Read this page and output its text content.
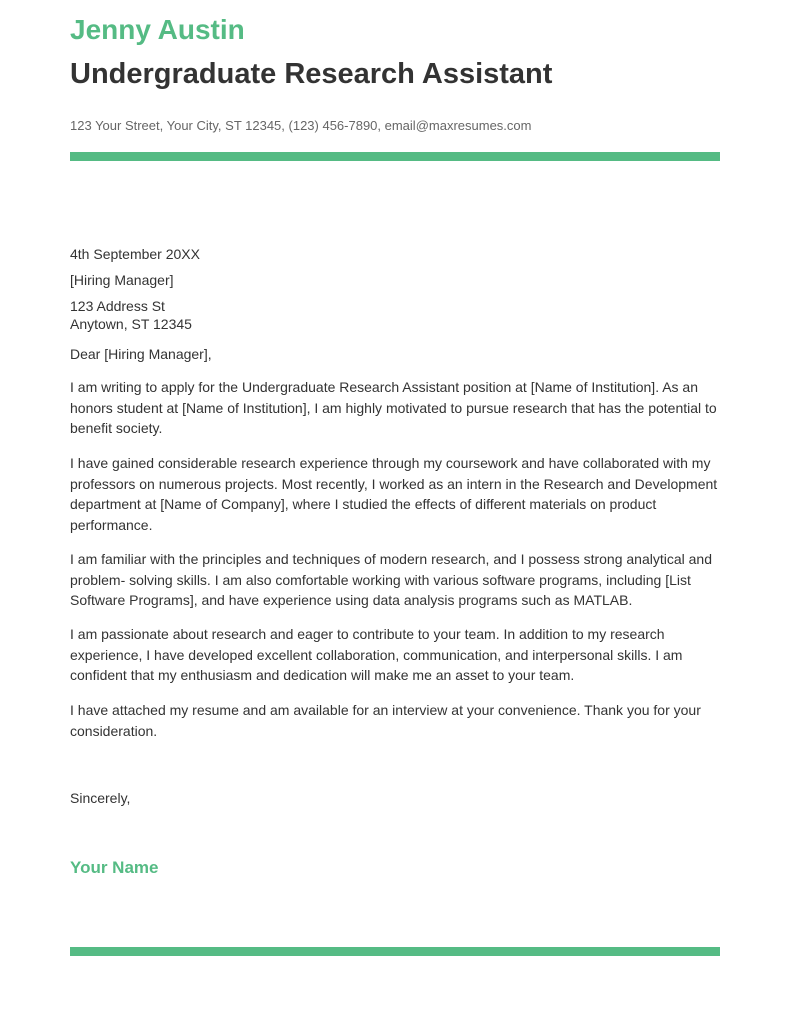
Jenny Austin
Undergraduate Research Assistant
123 Your Street, Your City, ST 12345, (123) 456-7890, email@maxresumes.com
4th September 20XX
[Hiring Manager]
123 Address St
Anytown, ST 12345
Dear [Hiring Manager],

I am writing to apply for the Undergraduate Research Assistant position at [Name of Institution]. As an honors student at [Name of Institution], I am highly motivated to pursue research that has the potential to benefit society.

I have gained considerable research experience through my coursework and have collaborated with my professors on numerous projects. Most recently, I worked as an intern in the Research and Development department at [Name of Company], where I studied the effects of different materials on product performance.

I am familiar with the principles and techniques of modern research, and I possess strong analytical and problem- solving skills. I am also comfortable working with various software programs, including [List Software Programs], and have experience using data analysis programs such as MATLAB.

I am passionate about research and eager to contribute to your team. In addition to my research experience, I have developed excellent collaboration, communication, and interpersonal skills. I am confident that my enthusiasm and dedication will make me an asset to your team.

I have attached my resume and am available for an interview at your convenience. Thank you for your consideration.

Sincerely,
Your Name
